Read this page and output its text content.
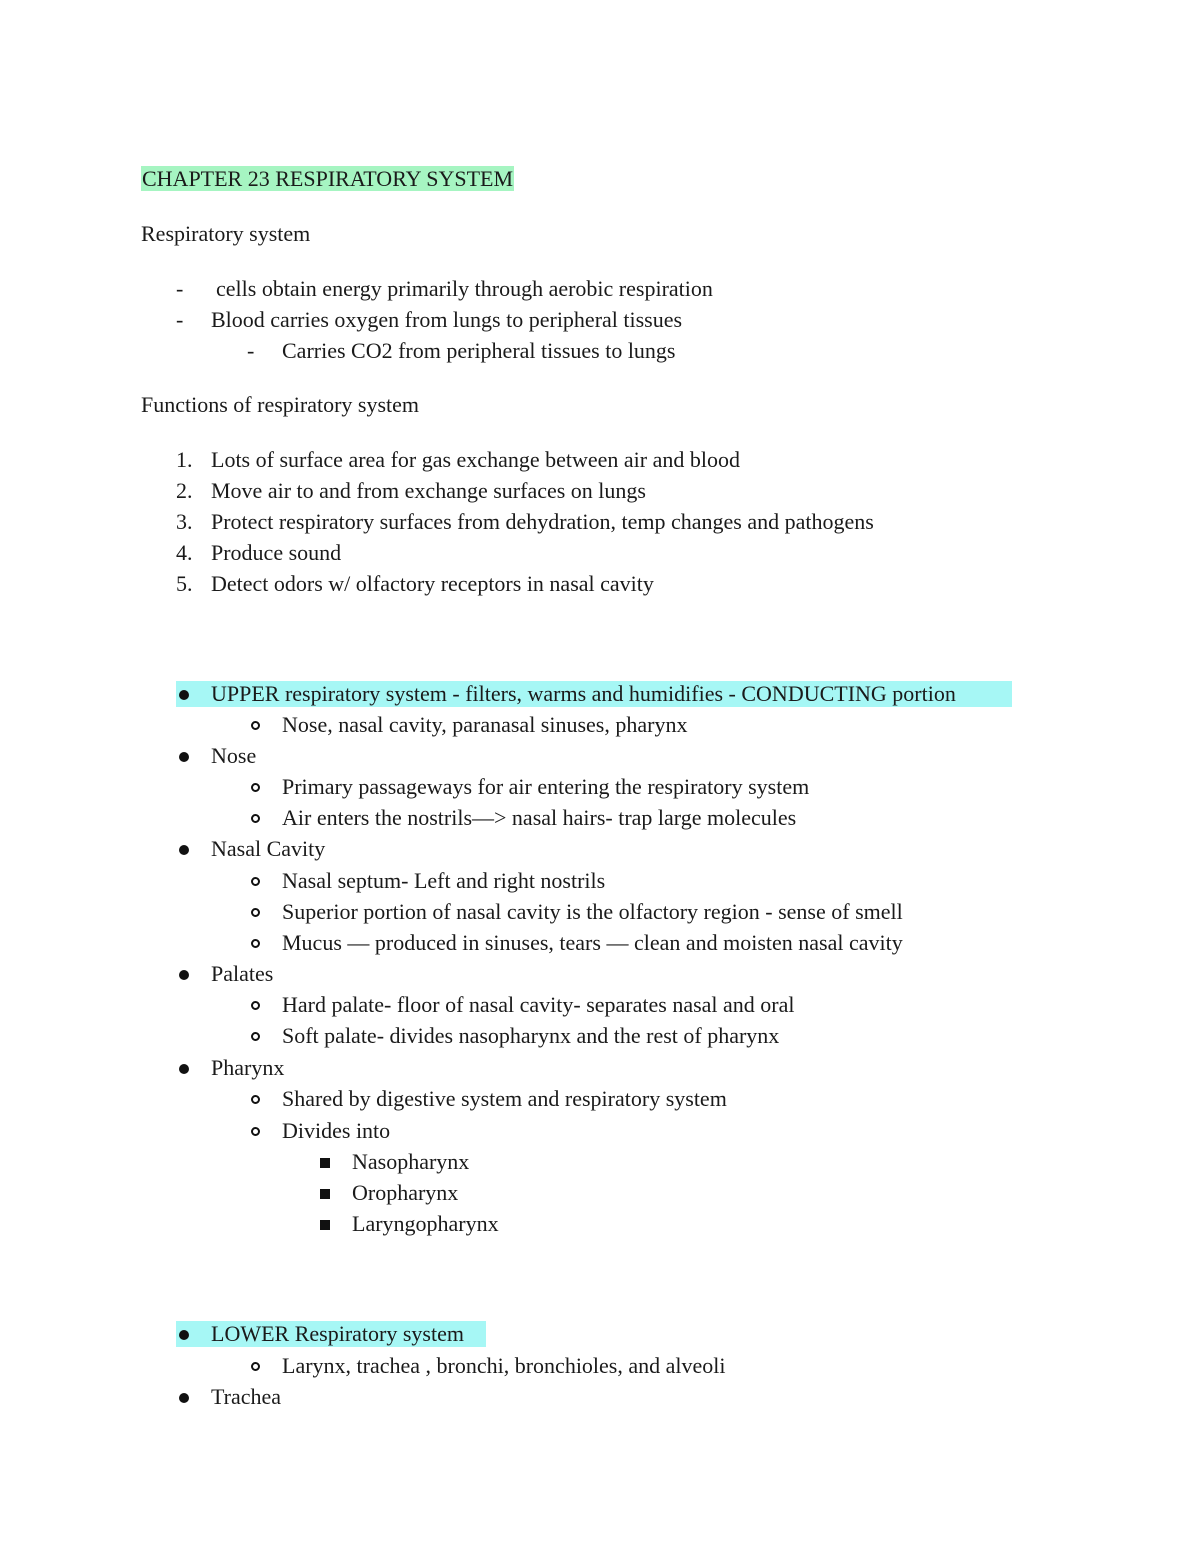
CHAPTER 23 RESPIRATORY SYSTEM
Respiratory system
- cells obtain energy primarily through aerobic respiration
- Blood carries oxygen from lungs to peripheral tissues
- Carries CO2 from peripheral tissues to lungs
Functions of respiratory system
1. Lots of surface area for gas exchange between air and blood
2. Move air to and from exchange surfaces on lungs
3. Protect respiratory surfaces from dehydration, temp changes and pathogens
4. Produce sound
5. Detect odors w/ olfactory receptors in nasal cavity
UPPER respiratory system - filters, warms and humidifies - CONDUCTING portion
Nose, nasal cavity, paranasal sinuses, pharynx
Nose
Primary passageways for air entering the respiratory system
Air enters the nostrils—> nasal hairs- trap large molecules
Nasal Cavity
Nasal septum- Left and right nostrils
Superior portion of nasal cavity is the olfactory region - sense of smell
Mucus — produced in sinuses, tears — clean and moisten nasal cavity
Palates
Hard palate- floor of nasal cavity- separates nasal and oral
Soft palate- divides nasopharynx and the rest of pharynx
Pharynx
Shared by digestive system and respiratory system
Divides into
Nasopharynx
Oropharynx
Laryngopharynx
LOWER Respiratory system
Larynx, trachea , bronchi, bronchioles, and alveoli
Trachea
